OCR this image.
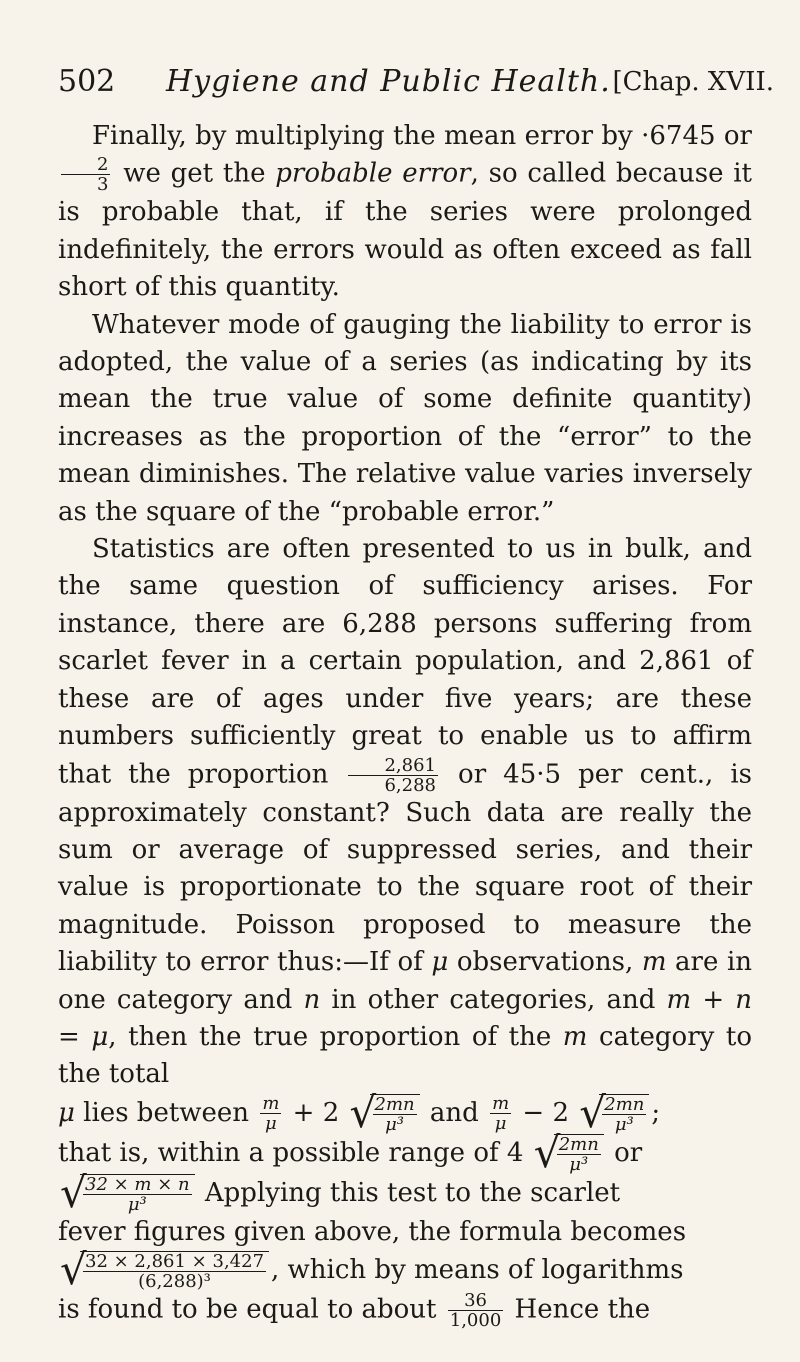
502 Hygiene and Public Health. [Chap. XVII.

Finally, by multiplying the mean error by ·6745 or
$\frac{2}{3}$ we get the probable error, so called because it is probable that, if the series were prolonged indefinitely, the errors would as often exceed as fall short of this quantity.

Whatever mode of gauging the liability to error is adopted, the value of a series (as indicating by its mean the true value of some definite quantity) increases as the proportion of the “error” to the mean diminishes. The relative value varies inversely as the square of the “probable error.”

Statistics are often presented to us in bulk, and the same question of sufficiency arises. For instance, there are 6,288 persons suffering from scarlet fever in a certain population, and 2,861 of these are of ages under five years; are these numbers sufficiently great to enable us to affirm that the proportion $\frac{2,861}{6,288}$ or 45·5 per cent., is approximately constant? Such data are really the sum or average of suppressed series, and their value is proportionate to the square root of their magnitude. Poisson proposed to measure the liability to error thus:—If of μ observations, m are in one category and n in other categories, and m + n = μ, then the true proportion of the m category to the total

μ lies between $\frac{m}{\mu} + 2$ √
$\frac{2mn}{\text{μ³}}$ and $\frac{m}{\mu} - 2$ √
$\frac{2mn}{\text{μ³}}$ ;
that is, within a possible range of 4 √
$\frac{2mn}{\text{μ³}}$ or
√
$\frac{32 \times m \times n}{\text{μ³}}$ Applying this test to the scarlet
fever figures given above, the formula becomes
√
$\frac{32 \times 2,861 \times 3,427}{\text{(6,288)³}}$ , which by means of logarithms
is found to be equal to about $\frac{36}{1,000}$ Hence the
